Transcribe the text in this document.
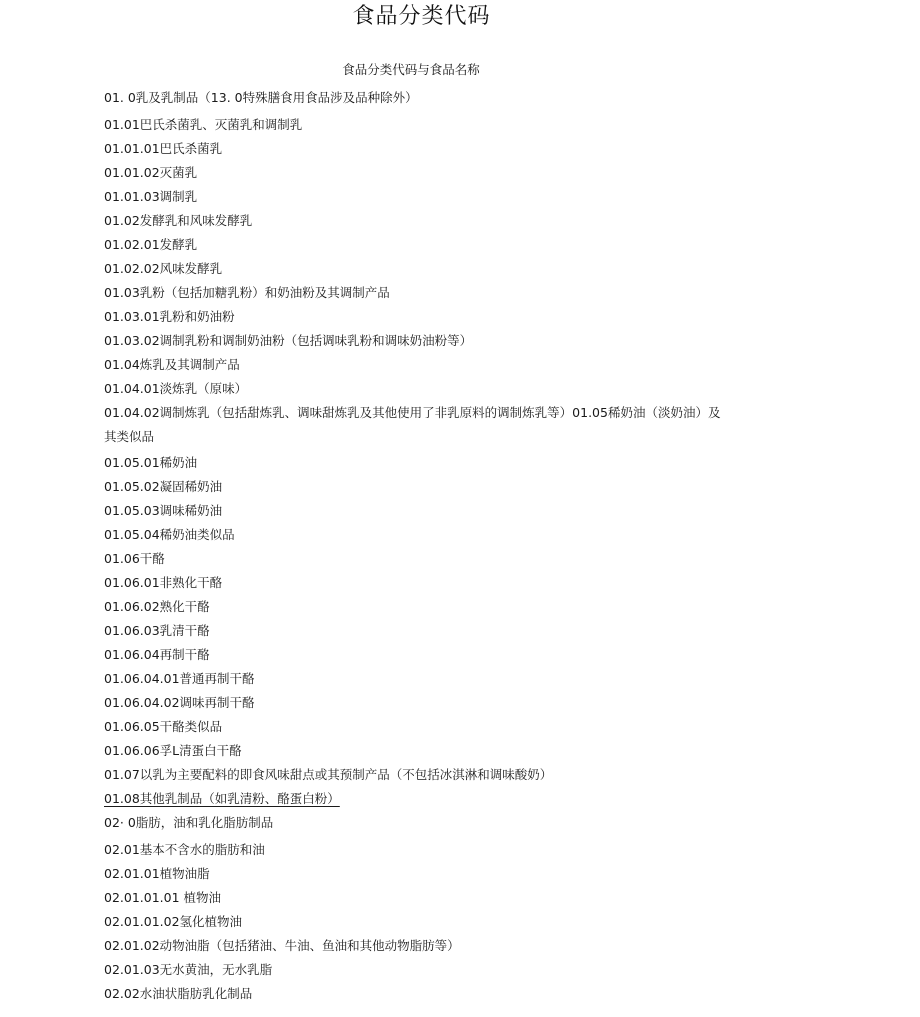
食品分类代码
食品分类代码与食品名称
01. 0乳及乳制品（13. 0特殊膳食用食品涉及品种除外）
01.01巴氏杀菌乳、灭菌乳和调制乳
01.01.01巴氏杀菌乳
01.01.02灭菌乳
01.01.03调制乳
01.02发酵乳和风味发酵乳
01.02.01发酵乳
01.02.02风味发酵乳
01.03乳粉（包括加糖乳粉）和奶油粉及其调制产品
01.03.01乳粉和奶油粉
01.03.02调制乳粉和调制奶油粉（包括调味乳粉和调味奶油粉等）
01.04炼乳及其调制产品
01.04.01淡炼乳（原味）
01.04.02调制炼乳（包括甜炼乳、调味甜炼乳及其他使用了非乳原料的调制炼乳等）01.05稀奶油（淡奶油）及其类似品
01.05.01稀奶油
01.05.02凝固稀奶油
01.05.03调味稀奶油
01.05.04稀奶油类似品
01.06干酪
01.06.01非熟化干酪
01.06.02熟化干酪
01.06.03乳清干酪
01.06.04再制干酪
01.06.04.01普通再制干酪
01.06.04.02调味再制干酪
01.06.05干酪类似品
01.06.06孚L清蛋白干酪
01.07以乳为主要配料的即食风味甜点或其预制产品（不包括冰淇淋和调味酸奶）
01.08其他乳制品（如乳清粉、酪蛋白粉）
02· 0脂肪，油和乳化脂肪制品
02.01基本不含水的脂肪和油
02.01.01植物油脂
02.01.01.01 植物油
02.01.01.02氢化植物油
02.01.02动物油脂（包括猪油、牛油、鱼油和其他动物脂肪等）
02.01.03无水黄油，无水乳脂
02.02水油状脂肪乳化制品
